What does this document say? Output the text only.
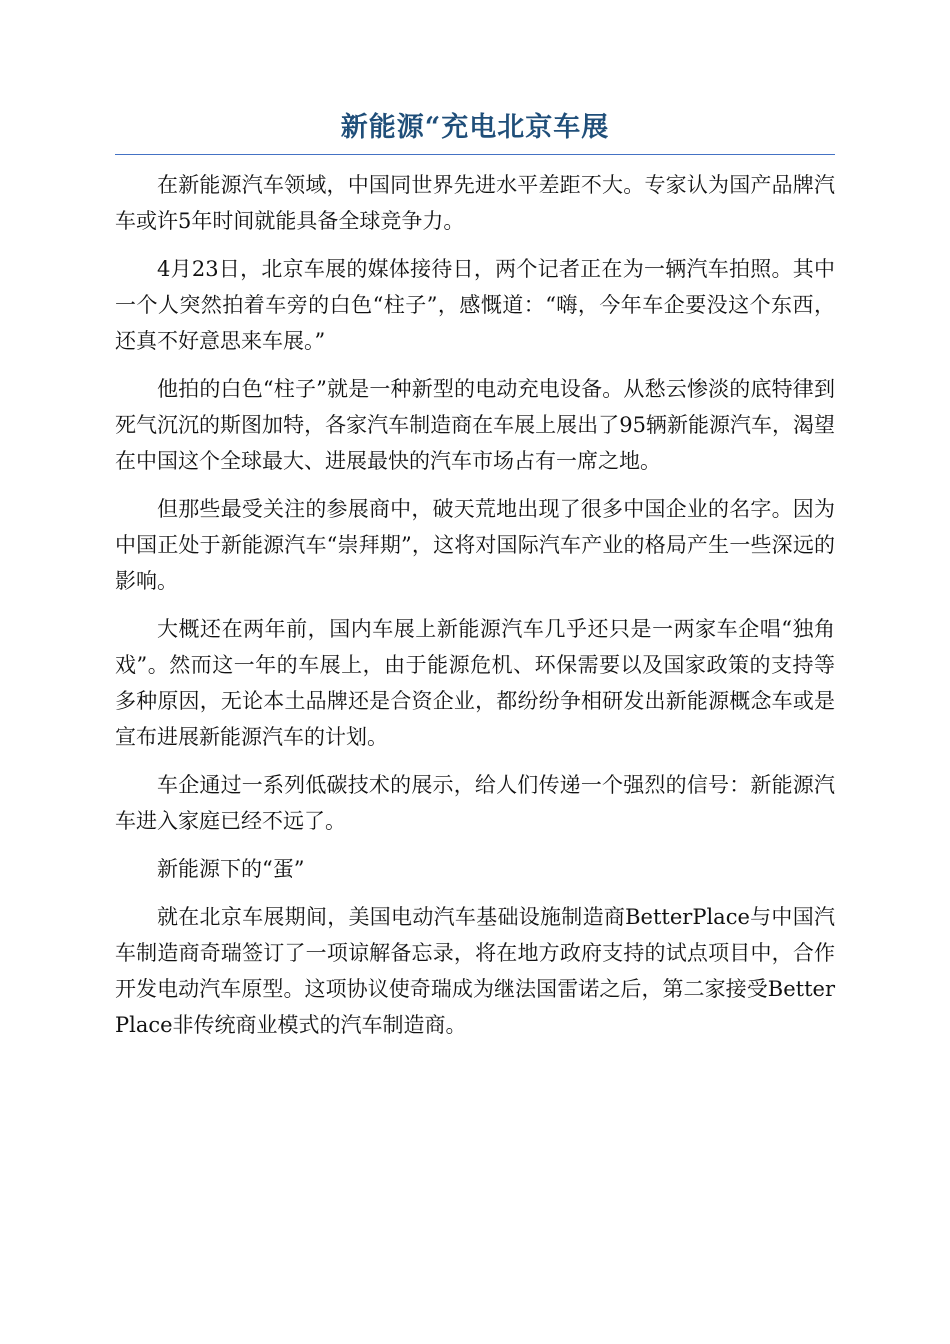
新能源“充电北京车展

在新能源汽车领域，中国同世界先进水平差距不大。专家认为国产品牌汽车或许5年时间就能具备全球竞争力。

4月23日，北京车展的媒体接待日，两个记者正在为一辆汽车拍照。其中一个人突然拍着车旁的白色“柱子”，感慨道：“嗨，今年车企要没这个东西，还真不好意思来车展。”

他拍的白色“柱子”就是一种新型的电动充电设备。从愁云惨淡的底特律到死气沉沉的斯图加特，各家汽车制造商在车展上展出了95辆新能源汽车，渴望在中国这个全球最大、进展最快的汽车市场占有一席之地。

但那些最受关注的参展商中，破天荒地出现了很多中国企业的名字。因为中国正处于新能源汽车“崇拜期”，这将对国际汽车产业的格局产生一些深远的影响。

大概还在两年前，国内车展上新能源汽车几乎还只是一两家车企唱“独角戏”。然而这一年的车展上，由于能源危机、环保需要以及国家政策的支持等多种原因，无论本土品牌还是合资企业，都纷纷争相研发出新能源概念车或是宣布进展新能源汽车的计划。

车企通过一系列低碳技术的展示，给人们传递一个强烈的信号：新能源汽车进入家庭已经不远了。

新能源下的“蛋”

就在北京车展期间，美国电动汽车基础设施制造商BetterPlace与中国汽车制造商奇瑞签订了一项谅解备忘录，将在地方政府支持的试点项目中，合作开发电动汽车原型。这项协议使奇瑞成为继法国雷诺之后，第二家接受BetterPlace非传统商业模式的汽车制造商。
